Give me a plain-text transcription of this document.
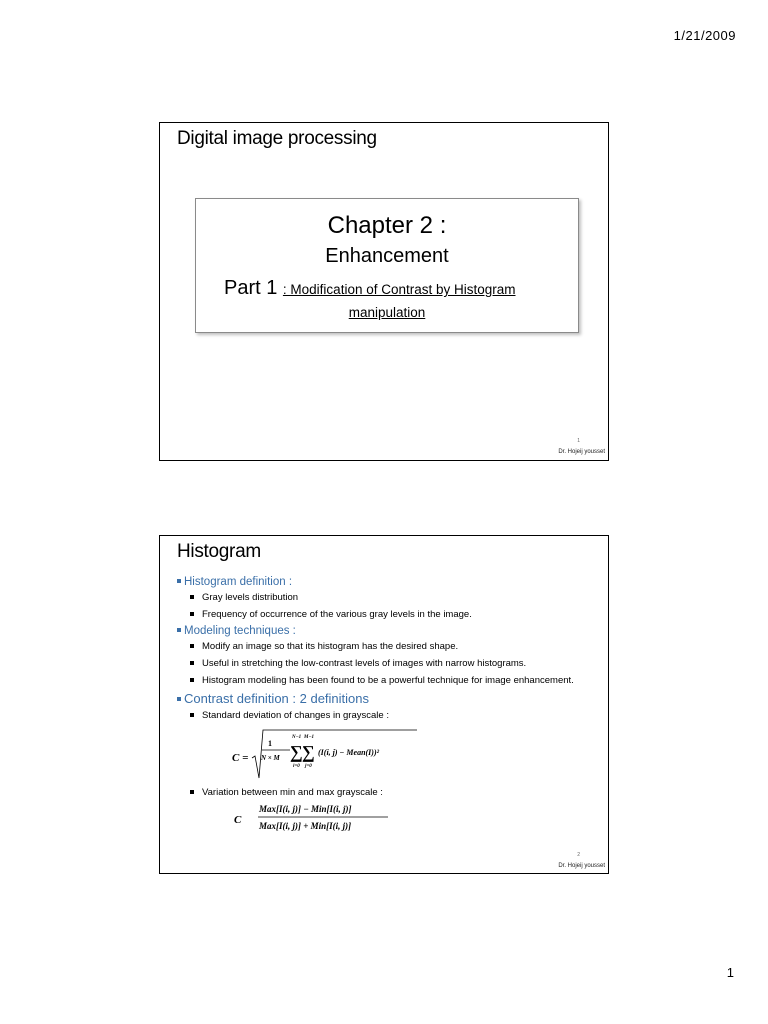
1/21/2009
Digital image processing
Chapter 2 :
Enhancement
Part 1 : Modification of Contrast by Histogram
manipulation
1
Dr. Hojeij yousset
Histogram
Histogram definition :
Gray levels distribution
Frequency of occurrence of the various gray levels in the image.
Modeling techniques :
Modify an image so that its histogram has the desired shape.
Useful in stretching the low-contrast levels of images with narrow histograms.
Histogram modeling has been found to be a powerful technique for image enhancement.
Contrast definition : 2 definitions
Standard deviation of changes in grayscale :
C =
1
N × M
N−1
∑
i=0
M−1
∑
j=0
(I(i, j) − Mean(I))²
Variation between min and max grayscale :
C
Max[I(i, j)] − Min[I(i, j)]
Max[I(i, j)] + Min[I(i, j)]
2
Dr. Hojeij yousset
1
